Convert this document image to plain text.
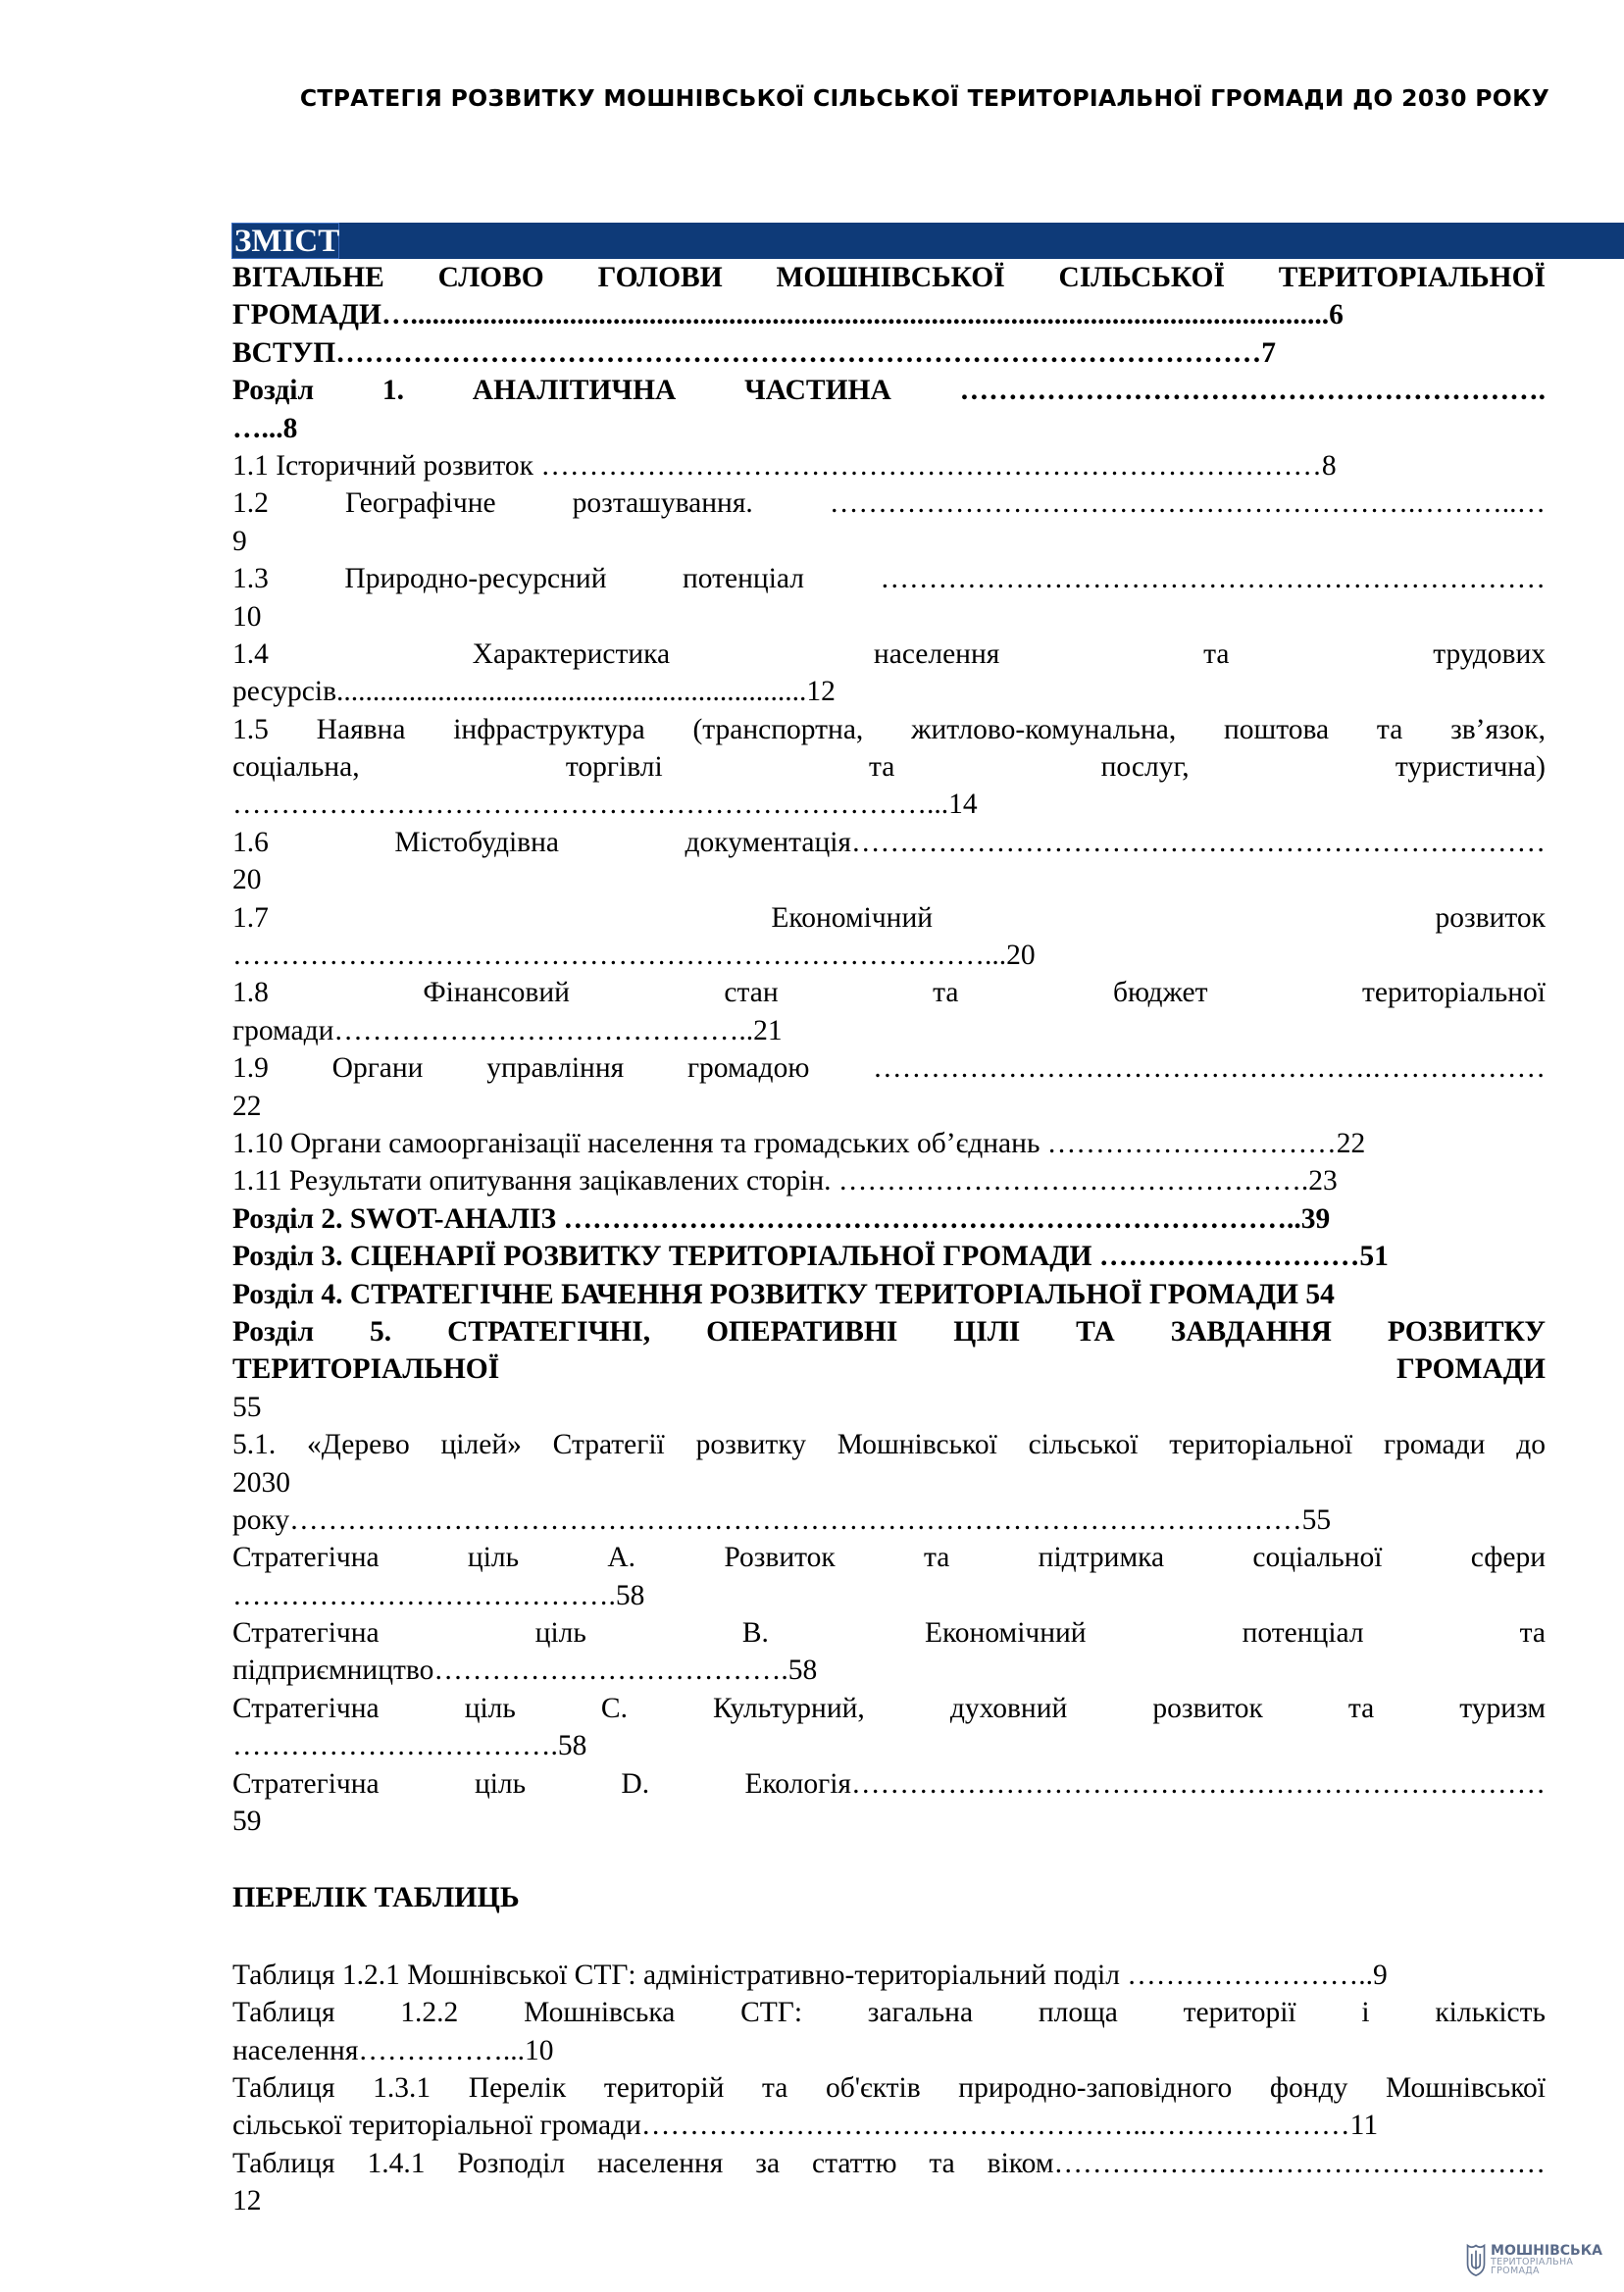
СТРАТЕГІЯ РОЗВИТКУ МОШНІВСЬКОЇ СІЛЬСЬКОЇ ТЕРИТОРІАЛЬНОЇ ГРОМАДИ ДО 2030 РОКУ
ЗМІСТ
ВІТАЛЬНЕ СЛОВО ГОЛОВИ МОШНІВСЬКОЇ СІЛЬСЬКОЇ ТЕРИТОРІАЛЬНОЇ
ГРОМАДИ…...............................................................................................................................6
ВСТУП……………………………………………………………………………………7
Розділ 1. АНАЛІТИЧНА ЧАСТИНА …………………………………………………….
…...8
1.1 Історичний розвиток ………………………………………………………………………8
1.2 Географічне розташування. …………………………………………………….………..…
9
1.3 Природно-ресурсний потенціал ……………………………………………………………
10
1.4 Характеристика населення та трудових
ресурсів.................................................................12
1.5 Наявна інфраструктура (транспортна, житлово-комунальна, поштова та зв’язок,
соціальна, торгівлі та послуг, туристична)
………………………………………………………………...14
1.6 Містобудівна документація………………………………………………………………
20
1.7 Економічний розвиток
……………………………………………………………………...20
1.8 Фінансовий стан та бюджет територіальної
громади……………………………………..21
1.9 Органи управління громадою …………………………………………….………………
22
1.10 Органи самоорганізації населення та громадських об’єднань …………………………22
1.11 Результати опитування зацікавлених сторін. ………………………………………….23
Розділ 2. SWOT-АНАЛІЗ …………………………………………………………………..39
Розділ 3. СЦЕНАРІЇ РОЗВИТКУ ТЕРИТОРІАЛЬНОЇ ГРОМАДИ ………………………51
Розділ 4. СТРАТЕГІЧНЕ БАЧЕННЯ РОЗВИТКУ ТЕРИТОРІАЛЬНОЇ ГРОМАДИ 54
Розділ 5. СТРАТЕГІЧНІ, ОПЕРАТИВНІ ЦІЛІ ТА ЗАВДАННЯ РОЗВИТКУ
ТЕРИТОРІАЛЬНОЇ ГРОМАДИ
55
5.1. «Дерево цілей» Стратегії розвитку Мошнівської сільської територіальної громади до
2030
року……………………………………………………………………………………………55
Стратегічна ціль А. Розвиток та підтримка соціальної сфери
………………………………….58
Стратегічна ціль В. Економічний потенціал та
підприємництво……………………………….58
Стратегічна ціль С. Культурний, духовний розвиток та туризм
…………………………….58
Стратегічна ціль D. Екологія………………………………………………………………
59
ПЕРЕЛІК ТАБЛИЦЬ
Таблиця 1.2.1 Мошнівської СТГ: адміністративно-територіальний поділ ……………………..9
Таблиця 1.2.2 Мошнівська СТГ: загальна площа території і кількість
населення……………...10
Таблиця 1.3.1 Перелік територій та об'єктів природно-заповідного фонду Мошнівської
сільської територіальної громади……………………………………………..…………………11
Таблиця 1.4.1 Розподіл населення за статтю та віком……………………………………………
12
МОШНІВСЬКА
ТЕРИТОРІАЛЬНА
ГРОМАДА
